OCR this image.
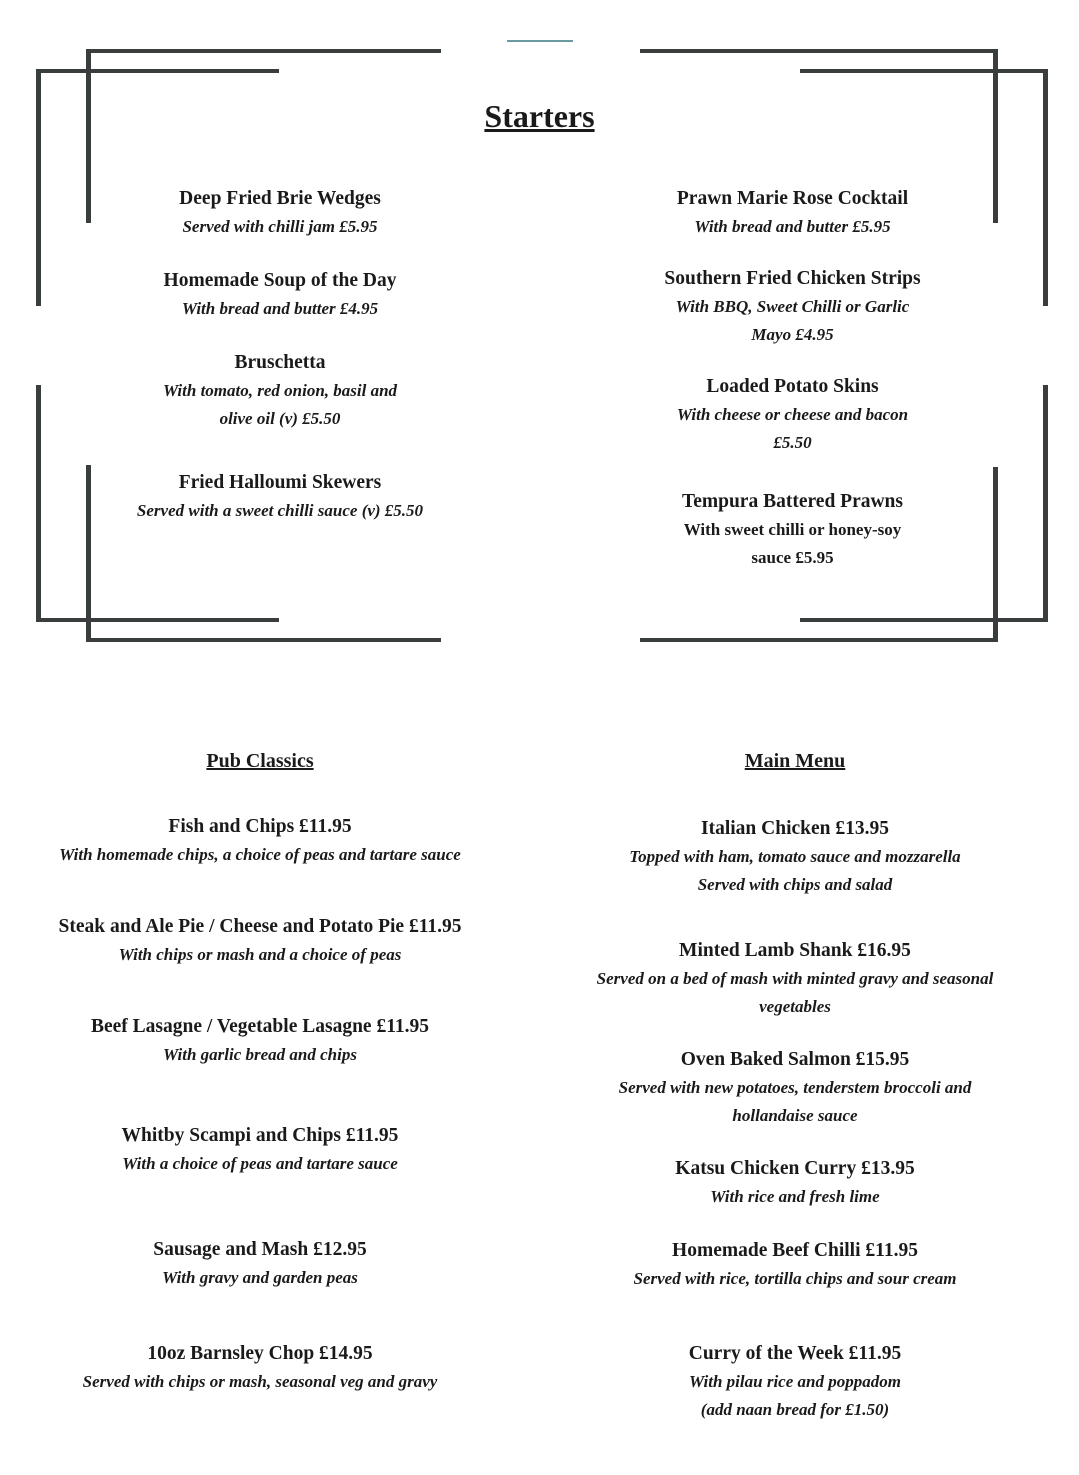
Starters
Deep Fried Brie Wedges
Served with chilli jam £5.95
Homemade Soup of the Day
With bread and butter £4.95
Bruschetta
With tomato, red onion, basil and
olive oil (v) £5.50
Fried Halloumi Skewers
Served with a sweet chilli sauce (v) £5.50
Prawn Marie Rose Cocktail
With bread and butter £5.95
Southern Fried Chicken Strips
With BBQ, Sweet Chilli or Garlic
Mayo £4.95
Loaded Potato Skins
With cheese or cheese and bacon
£5.50
Tempura Battered Prawns
With sweet chilli or honey-soy
sauce £5.95
Pub Classics	Main Menu
Fish and Chips £11.95
With homemade chips, a choice of peas and tartare sauce
Steak and Ale Pie / Cheese and Potato Pie £11.95
With chips or mash and a choice of peas
Beef Lasagne / Vegetable Lasagne £11.95
With garlic bread and chips
Whitby Scampi and Chips £11.95
With a choice of peas and tartare sauce
Sausage and Mash £12.95
With gravy and garden peas
10oz Barnsley Chop £14.95
Served with chips or mash, seasonal veg and gravy
Italian Chicken £13.95
Topped with ham, tomato sauce and mozzarella
Served with chips and salad
Minted Lamb Shank £16.95
Served on a bed of mash with minted gravy and seasonal
vegetables
Oven Baked Salmon £15.95
Served with new potatoes, tenderstem broccoli and
hollandaise sauce
Katsu Chicken Curry £13.95
With rice and fresh lime
Homemade Beef Chilli £11.95
Served with rice, tortilla chips and sour cream
Curry of the Week £11.95
With pilau rice and poppadom
(add naan bread for £1.50)
